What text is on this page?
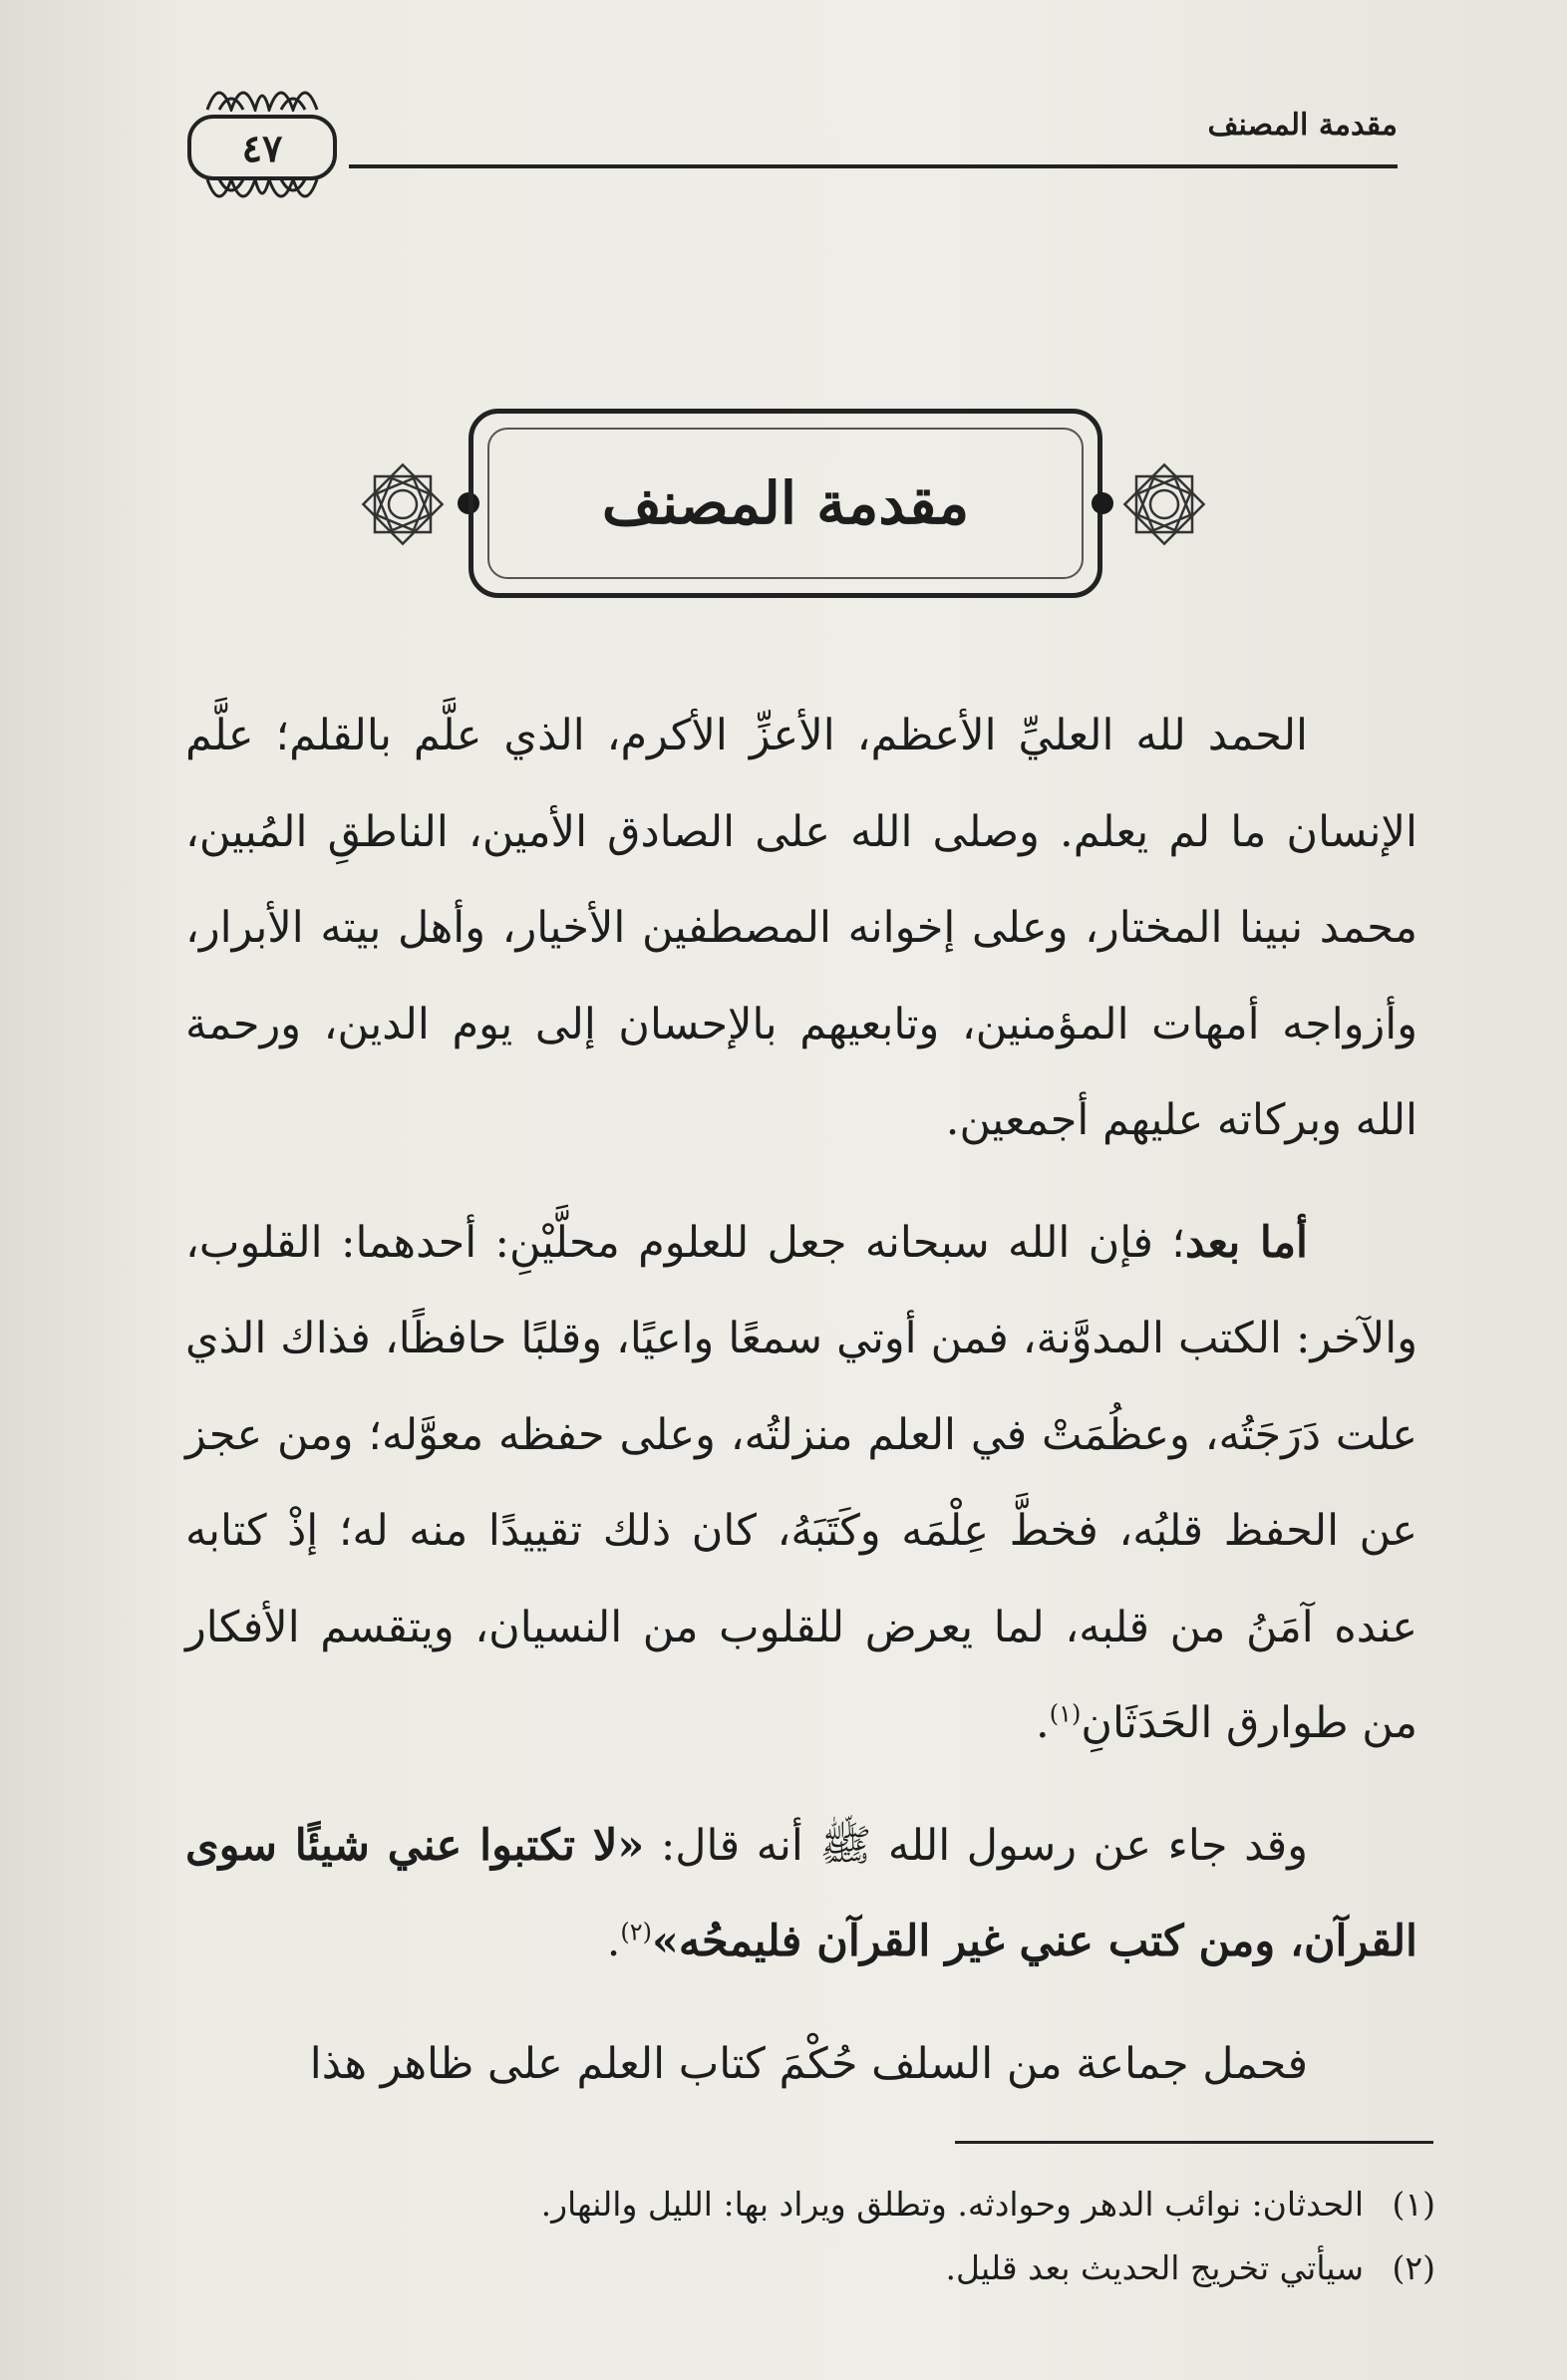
مقدمة المصنف
٤٧
مقدمة المصنف

الحمد لله العليِّ الأعظم، الأعزِّ الأكرم، الذي علَّم بالقلم؛ علَّم الإنسان ما لم يعلم. وصلى الله على الصادق الأمين، الناطقِ المُبين، محمد نبينا المختار، وعلى إخوانه المصطفين الأخيار، وأهل بيته الأبرار، وأزواجه أمهات المؤمنين، وتابعيهم بالإحسان إلى يوم الدين، ورحمة الله وبركاته عليهم أجمعين.

أما بعد؛ فإن الله سبحانه جعل للعلوم محلَّيْنِ: أحدهما: القلوب، والآخر: الكتب المدوَّنة، فمن أوتي سمعًا واعيًا، وقلبًا حافظًا، فذاك الذي علت دَرَجَتُه، وعظُمَتْ في العلم منزلتُه، وعلى حفظه معوَّله؛ ومن عجز عن الحفظ قلبُه، فخطَّ عِلْمَه وكَتَبَهُ، كان ذلك تقييدًا منه له؛ إذْ كتابه عنده آمَنُ من قلبه، لما يعرض للقلوب من النسيان، ويتقسم الأفكار من طوارق الحَدَثَانِ$^{(١)}$.

وقد جاء عن رسول الله ﷺ أنه قال: «لا تكتبوا عني شيئًا سوى القرآن، ومن كتب عني غير القرآن فليمحُه»$^{(٢)}$.

فحمل جماعة من السلف حُكْمَ كتاب العلم على ظاهر هذا

(١)
الحدثان: نوائب الدهر وحوادثه. وتطلق ويراد بها: الليل والنهار.
(٢)
سيأتي تخريج الحديث بعد قليل.
